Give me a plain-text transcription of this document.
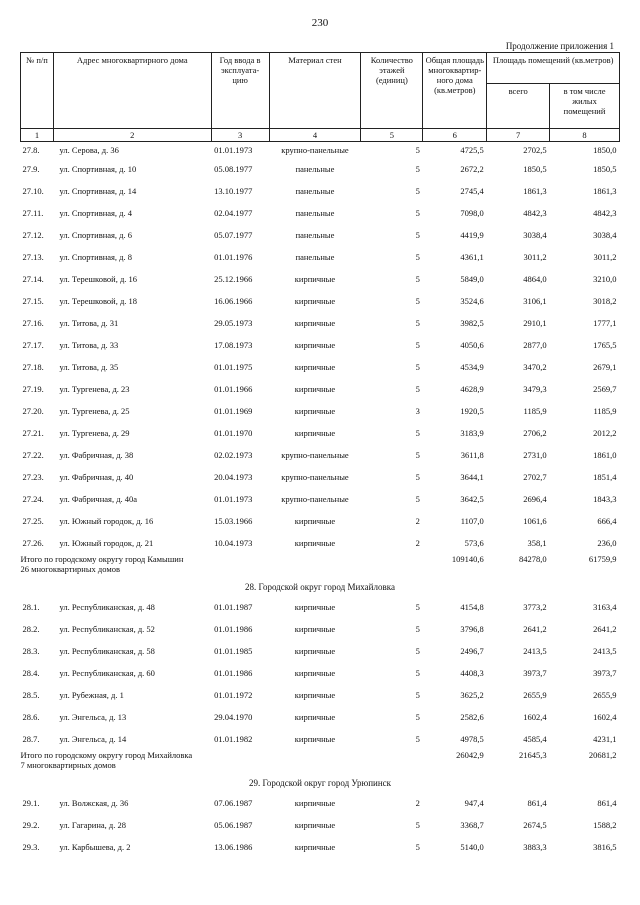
230
Продолжение приложения 1
№ п/п	Адрес многоквартирного дома	Год ввода в эксплуата-цию	Материал стен	Количество этажей (единиц)	Общая площадь многоквартир-ного дома (кв.метров)	Площадь помещений (кв.метров)	
						всего	в том числе жилых помещений
1	2	3	4	5	6	7	8
27.8.	ул. Серова, д. 36	01.01.1973	крупно-панельные	5	4725,5	2702,5	1850,0
27.9.	ул. Спортивная, д. 10	05.08.1977	панельные	5	2672,2	1850,5	1850,5
27.10.	ул. Спортивная, д. 14	13.10.1977	панельные	5	2745,4	1861,3	1861,3
27.11.	ул. Спортивная, д. 4	02.04.1977	панельные	5	7098,0	4842,3	4842,3
27.12.	ул. Спортивная, д. 6	05.07.1977	панельные	5	4419,9	3038,4	3038,4
27.13.	ул. Спортивная, д. 8	01.01.1976	панельные	5	4361,1	3011,2	3011,2
27.14.	ул. Терешковой, д. 16	25.12.1966	кирпичные	5	5849,0	4864,0	3210,0
27.15.	ул. Терешковой, д. 18	16.06.1966	кирпичные	5	3524,6	3106,1	3018,2
27.16.	ул. Титова, д. 31	29.05.1973	кирпичные	5	3982,5	2910,1	1777,1
27.17.	ул. Титова, д. 33	17.08.1973	кирпичные	5	4050,6	2877,0	1765,5
27.18.	ул. Титова, д. 35	01.01.1975	кирпичные	5	4534,9	3470,2	2679,1
27.19.	ул. Тургенева, д. 23	01.01.1966	кирпичные	5	4628,9	3479,3	2569,7
27.20.	ул. Тургенева, д. 25	01.01.1969	кирпичные	3	1920,5	1185,9	1185,9
27.21.	ул. Тургенева, д. 29	01.01.1970	кирпичные	5	3183,9	2706,2	2012,2
27.22.	ул. Фабричная, д. 38	02.02.1973	крупно-панельные	5	3611,8	2731,0	1861,0
27.23.	ул. Фабричная, д. 40	20.04.1973	крупно-панельные	5	3644,1	2702,7	1851,4
27.24.	ул. Фабричная, д. 40а	01.01.1973	крупно-панельные	5	3642,5	2696,4	1843,3
27.25.	ул. Южный городок, д. 16	15.03.1966	кирпичные	2	1107,0	1061,6	666,4
27.26.	ул. Южный городок, д. 21	10.04.1973	кирпичные	2	573,6	358,1	236,0

Итого по городскому округу город Камышин
26 многоквартирных домов					109140,6	84278,0	61759,9
28. Городской округ город Михайловка							
28.1.	ул. Республиканская, д. 48	01.01.1987	кирпичные	5	4154,8	3773,2	3163,4
28.2.	ул. Республиканская, д. 52	01.01.1986	кирпичные	5	3796,8	2641,2	2641,2
28.3.	ул. Республиканская, д. 58	01.01.1985	кирпичные	5	2496,7	2413,5	2413,5
28.4.	ул. Республиканская, д. 60	01.01.1986	кирпичные	5	4408,3	3973,7	3973,7
28.5.	ул. Рубежная, д. 1	01.01.1972	кирпичные	5	3625,2	2655,9	2655,9
28.6.	ул. Энгельса, д. 13	29.04.1970	кирпичные	5	2582,6	1602,4	1602,4
28.7.	ул. Энгельса, д. 14	01.01.1982	кирпичные	5	4978,5	4585,4	4231,1

Итого по городскому округу город Михайловка
7 многоквартирных домов					26042,9	21645,3	20681,2
29. Городской округ город Урюпинск							
29.1.	ул. Волжская, д. 36	07.06.1987	кирпичные	2	947,4	861,4	861,4
29.2.	ул. Гагарина, д. 28	05.06.1987	кирпичные	5	3368,7	2674,5	1588,2
29.3.	ул. Карбышева, д. 2	13.06.1986	кирпичные	5	5140,0	3883,3	3816,5
